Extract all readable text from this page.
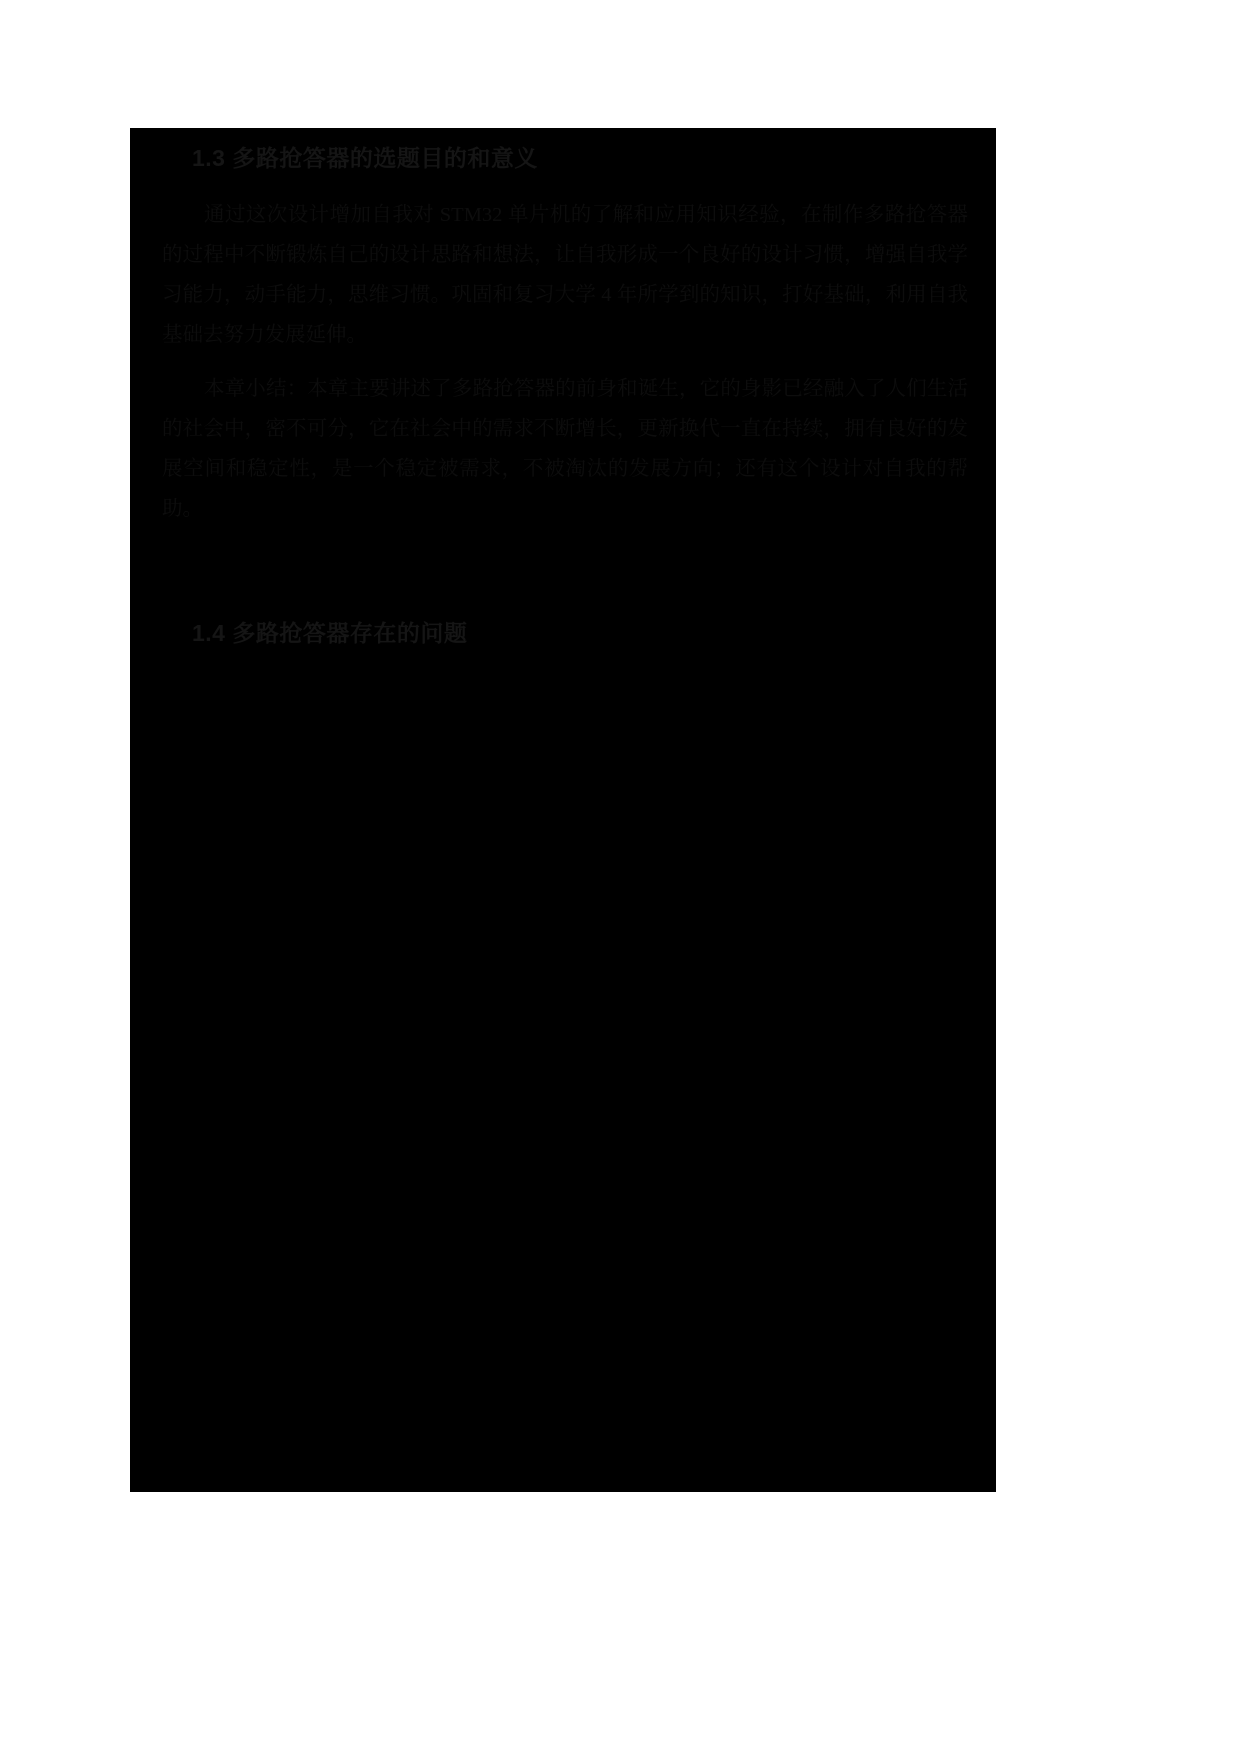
1.3 多路抢答器的选题目的和意义

通过这次设计增加自我对 STM32 单片机的了解和应用知识经验，在制作多路抢答器的过程中不断锻炼自己的设计思路和想法，让自我形成一个良好的设计习惯，增强自我学习能力，动手能力，思维习惯。巩固和复习大学 4 年所学到的知识，打好基础，利用自我基础去努力发展延伸。

本章小结：本章主要讲述了多路抢答器的前身和诞生，它的身影已经融入了人们生活的社会中，密不可分，它在社会中的需求不断增长，更新换代一直在持续，拥有良好的发展空间和稳定性，是一个稳定被需求，不被淘汰的发展方向；还有这个设计对自我的帮助。

1.4 多路抢答器存在的问题
